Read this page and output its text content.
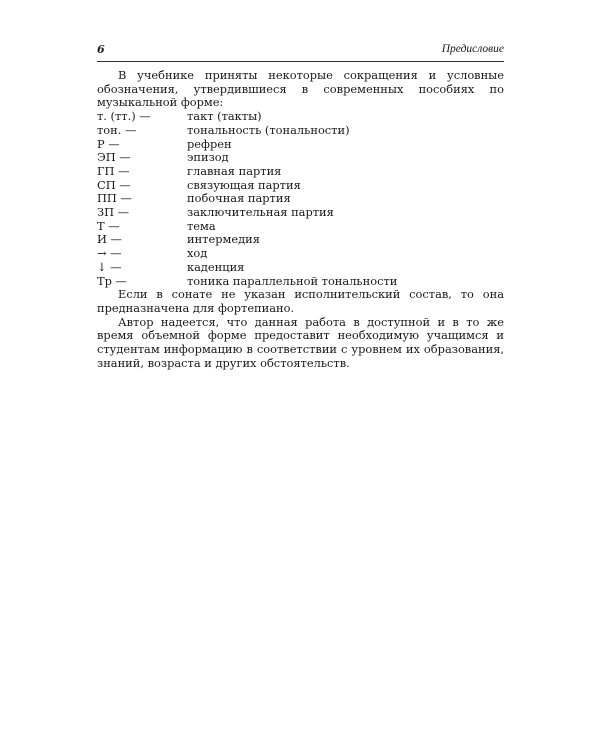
6	Предисловие

В учебнике приняты некоторые сокращения и условные обозначения, утвердившиеся в современных пособиях по музыкальной форме:

т. (тт.) —	такт (такты)
тон. —	тональность (тональности)
Р —	рефрен
ЭП —	эпизод
ГП —	главная партия
СП —	связующая партия
ПП —	побочная партия
ЗП —	заключительная партия
Т —	тема
И —	интермедия
→ —	ход
↓ —	каденция
Тр —	тоника параллельной тональности

Если в сонате не указан исполнительский состав, то она предназначена для фортепиано.

Автор надеется, что данная работа в доступной и в то же время объемной форме предоставит необходимую учащимся и студентам информацию в соответствии с уровнем их образования, знаний, возраста и других обстоятельств.
